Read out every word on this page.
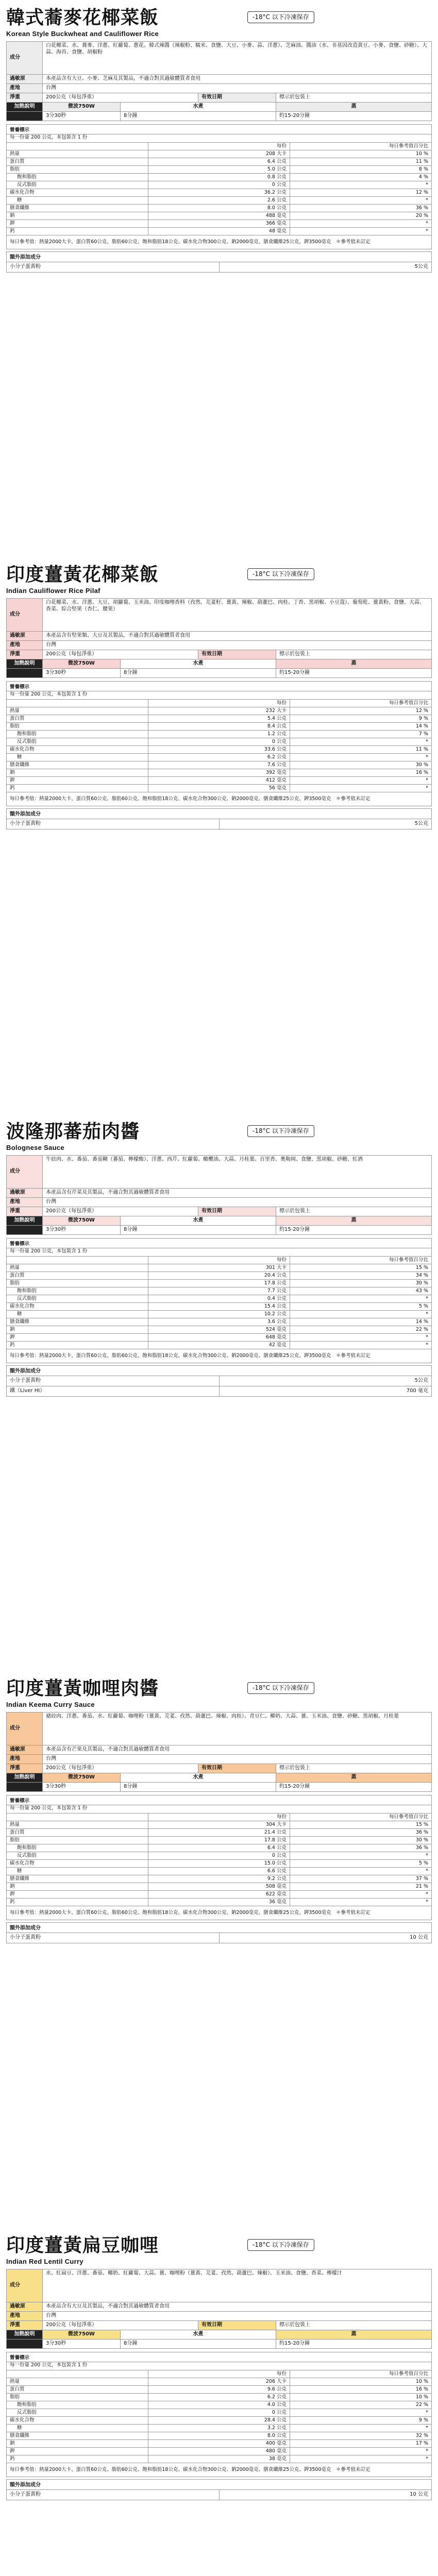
韓式蕎麥花椰菜飯
Korean Style Buckwheat and Cauliflower Rice
-18°C 以下冷凍保存
成分	白花椰菜、水、蕎麥、洋蔥、紅蘿蔔、蔥花、韓式辣醬（辣椒粉、糯米、食鹽、大豆、小麥、蒜、洋蔥）、芝麻油、醬油（水、非基因改造黃豆、小麥、食鹽、砂糖）、大蒜、海苔、食鹽、胡椒粉			
過敏原	本產品含有大豆、小麥、芝麻及其製品，不適合對其過敏體質者食用			
產地	台灣			
淨重	200公克（每包淨重）		有效日期	標示於包裝上
加熱說明	微波750W	水煮		蒸
	3分30秒	8分鐘		約15-20分鐘
營養標示		
每一份量 200 公克，本包裝含 1 份		
	每份	每日參考值百分比
熱量	208 大卡	10 %
蛋白質	6.4 公克	11 %
脂肪	5.0 公克	8 %
飽和脂肪	0.8 公克	4 %
反式脂肪	0 公克	*
碳水化合物	36.2 公克	12 %
糖	2.6 公克	*
膳食纖維	8.0 公克	36 %
鈉	488 毫克	20 %
鉀	366 毫克	*
鈣	48 毫克	*
每日參考值：熱量2000大卡、蛋白質60公克、脂肪60公克、飽和脂肪18公克、碳水化合物300公克、鈉2000毫克、膳食纖維25公克、鉀3500毫克　＊參考值未訂定		
額外添加成分
小分子蛋黃粉	5公克
印度薑黃花椰菜飯
Indian Cauliflower Rice Pilaf
-18°C 以下冷凍保存
成分	白花椰菜、水、洋蔥、大豆、胡蘿蔔、玉米油、印度咖哩香料（孜然、芫荽籽、薑黃、辣椒、葫蘆巴、肉桂、丁香、黑胡椒、小豆蔻）、葡萄乾、薑黃粉、食鹽、大蒜、香菜、綜合堅果（杏仁、腰果）			
過敏原	本產品含有堅果類、大豆及其製品，不適合對其過敏體質者食用			
產地	台灣			
淨重	200公克（每包淨重）		有效日期	標示於包裝上
加熱說明	微波750W	水煮		蒸
	3分30秒	8分鐘		約15-20分鐘
營養標示		
每一份量 200 公克，本包裝含 1 份		
	每份	每日參考值百分比
熱量	232 大卡	12 %
蛋白質	5.4 公克	9 %
脂肪	8.4 公克	14 %
飽和脂肪	1.2 公克	7 %
反式脂肪	0 公克	*
碳水化合物	33.6 公克	11 %
糖	6.2 公克	*
膳食纖維	7.6 公克	30 %
鈉	392 毫克	16 %
鉀	412 毫克	*
鈣	56 毫克	*
每日參考值：熱量2000大卡、蛋白質60公克、脂肪60公克、飽和脂肪18公克、碳水化合物300公克、鈉2000毫克、膳食纖維25公克、鉀3500毫克　＊參考值未訂定		
額外添加成分
小分子蛋黃粉	5公克
波隆那蕃茄肉醬
Bolognese Sauce
-18°C 以下冷凍保存
成分	牛絞肉、水、番茄、番茄糊（蕃茄、檸檬酸）、洋蔥、西芹、紅蘿蔔、橄欖油、大蒜、月桂葉、百里香、奧勒岡、食鹽、黑胡椒、砂糖、紅酒			
過敏原	本產品含有芹菜及其製品，不適合對其過敏體質者食用			
產地	台灣			
淨重	200公克（每包淨重）		有效日期	標示於包裝上
加熱說明	微波750W	水煮		蒸
	3分30秒	8分鐘		約15-20分鐘
營養標示		
每一份量 200 公克，本包裝含 1 份		
	每份	每日參考值百分比
熱量	301 大卡	15 %
蛋白質	20.4 公克	34 %
脂肪	17.8 公克	30 %
飽和脂肪	7.7 公克	43 %
反式脂肪	0.4 公克	*
碳水化合物	15.4 公克	5 %
糖	10.2 公克	*
膳食纖維	3.6 公克	14 %
鈉	524 毫克	22 %
鉀	648 毫克	*
鈣	42 毫克	*
每日參考值：熱量2000大卡、蛋白質60公克、脂肪60公克、飽和脂肪18公克、碳水化合物300公克、鈉2000毫克、膳食纖維25公克、鉀3500毫克　＊參考值未訂定		
額外添加成分	
小分子蛋黃粉	5公克
鐵（Liver HI）	700 毫克
印度薑黃咖哩肉醬
Indian Keema Curry Sauce
-18°C 以下冷凍保存
成分	豬絞肉、洋蔥、番茄、水、紅蘿蔔、咖哩粉（薑黃、芫荽、孜然、葫蘆巴、辣椒、肉桂）、青豆仁、椰奶、大蒜、薑、玉米油、食鹽、砂糖、黑胡椒、月桂葉			
過敏原	本產品含有芒果及其製品，不適合對其過敏體質者食用			
產地	台灣			
淨重	200公克（每包淨重）		有效日期	標示於包裝上
加熱說明	微波750W	水煮		蒸
	3分30秒	8分鐘		約15-20分鐘
營養標示		
每一份量 200 公克，本包裝含 1 份		
	每份	每日參考值百分比
熱量	304 大卡	15 %
蛋白質	21.4 公克	36 %
脂肪	17.8 公克	30 %
飽和脂肪	6.4 公克	36 %
反式脂肪	0 公克	*
碳水化合物	15.0 公克	5 %
糖	6.6 公克	*
膳食纖維	9.2 公克	37 %
鈉	508 毫克	21 %
鉀	622 毫克	*
鈣	36 毫克	*
每日參考值：熱量2000大卡、蛋白質60公克、脂肪60公克、飽和脂肪18公克、碳水化合物300公克、鈉2000毫克、膳食纖維25公克、鉀3500毫克　＊參考值未訂定		
額外添加成分
小分子蛋黃粉	10 公克
印度薑黃扁豆咖哩
Indian Red Lentil Curry
-18°C 以下冷凍保存
成分	水、紅扁豆、洋蔥、番茄、椰奶、紅蘿蔔、大蒜、薑、咖哩粉（薑黃、芫荽、孜然、葫蘆巴、辣椒）、玉米油、食鹽、香菜、檸檬汁			
過敏原	本產品含有大豆及其製品，不適合對其過敏體質者食用			
產地	台灣			
淨重	200公克（每包淨重）		有效日期	標示於包裝上
加熱說明	微波750W	水煮		蒸
	3分30秒	8分鐘		約15-20分鐘
營養標示		
每一份量 200 公克，本包裝含 1 份		
	每份	每日參考值百分比
熱量	206 大卡	10 %
蛋白質	9.6 公克	16 %
脂肪	6.2 公克	10 %
飽和脂肪	4.0 公克	22 %
反式脂肪	0 公克	*
碳水化合物	28.4 公克	9 %
糖	3.2 公克	*
膳食纖維	8.0 公克	32 %
鈉	400 毫克	17 %
鉀	480 毫克	*
鈣	38 毫克	*
每日參考值：熱量2000大卡、蛋白質60公克、脂肪60公克、飽和脂肪18公克、碳水化合物300公克、鈉2000毫克、膳食纖維25公克、鉀3500毫克　＊參考值未訂定		
額外添加成分
小分子蛋黃粉	10 公克
